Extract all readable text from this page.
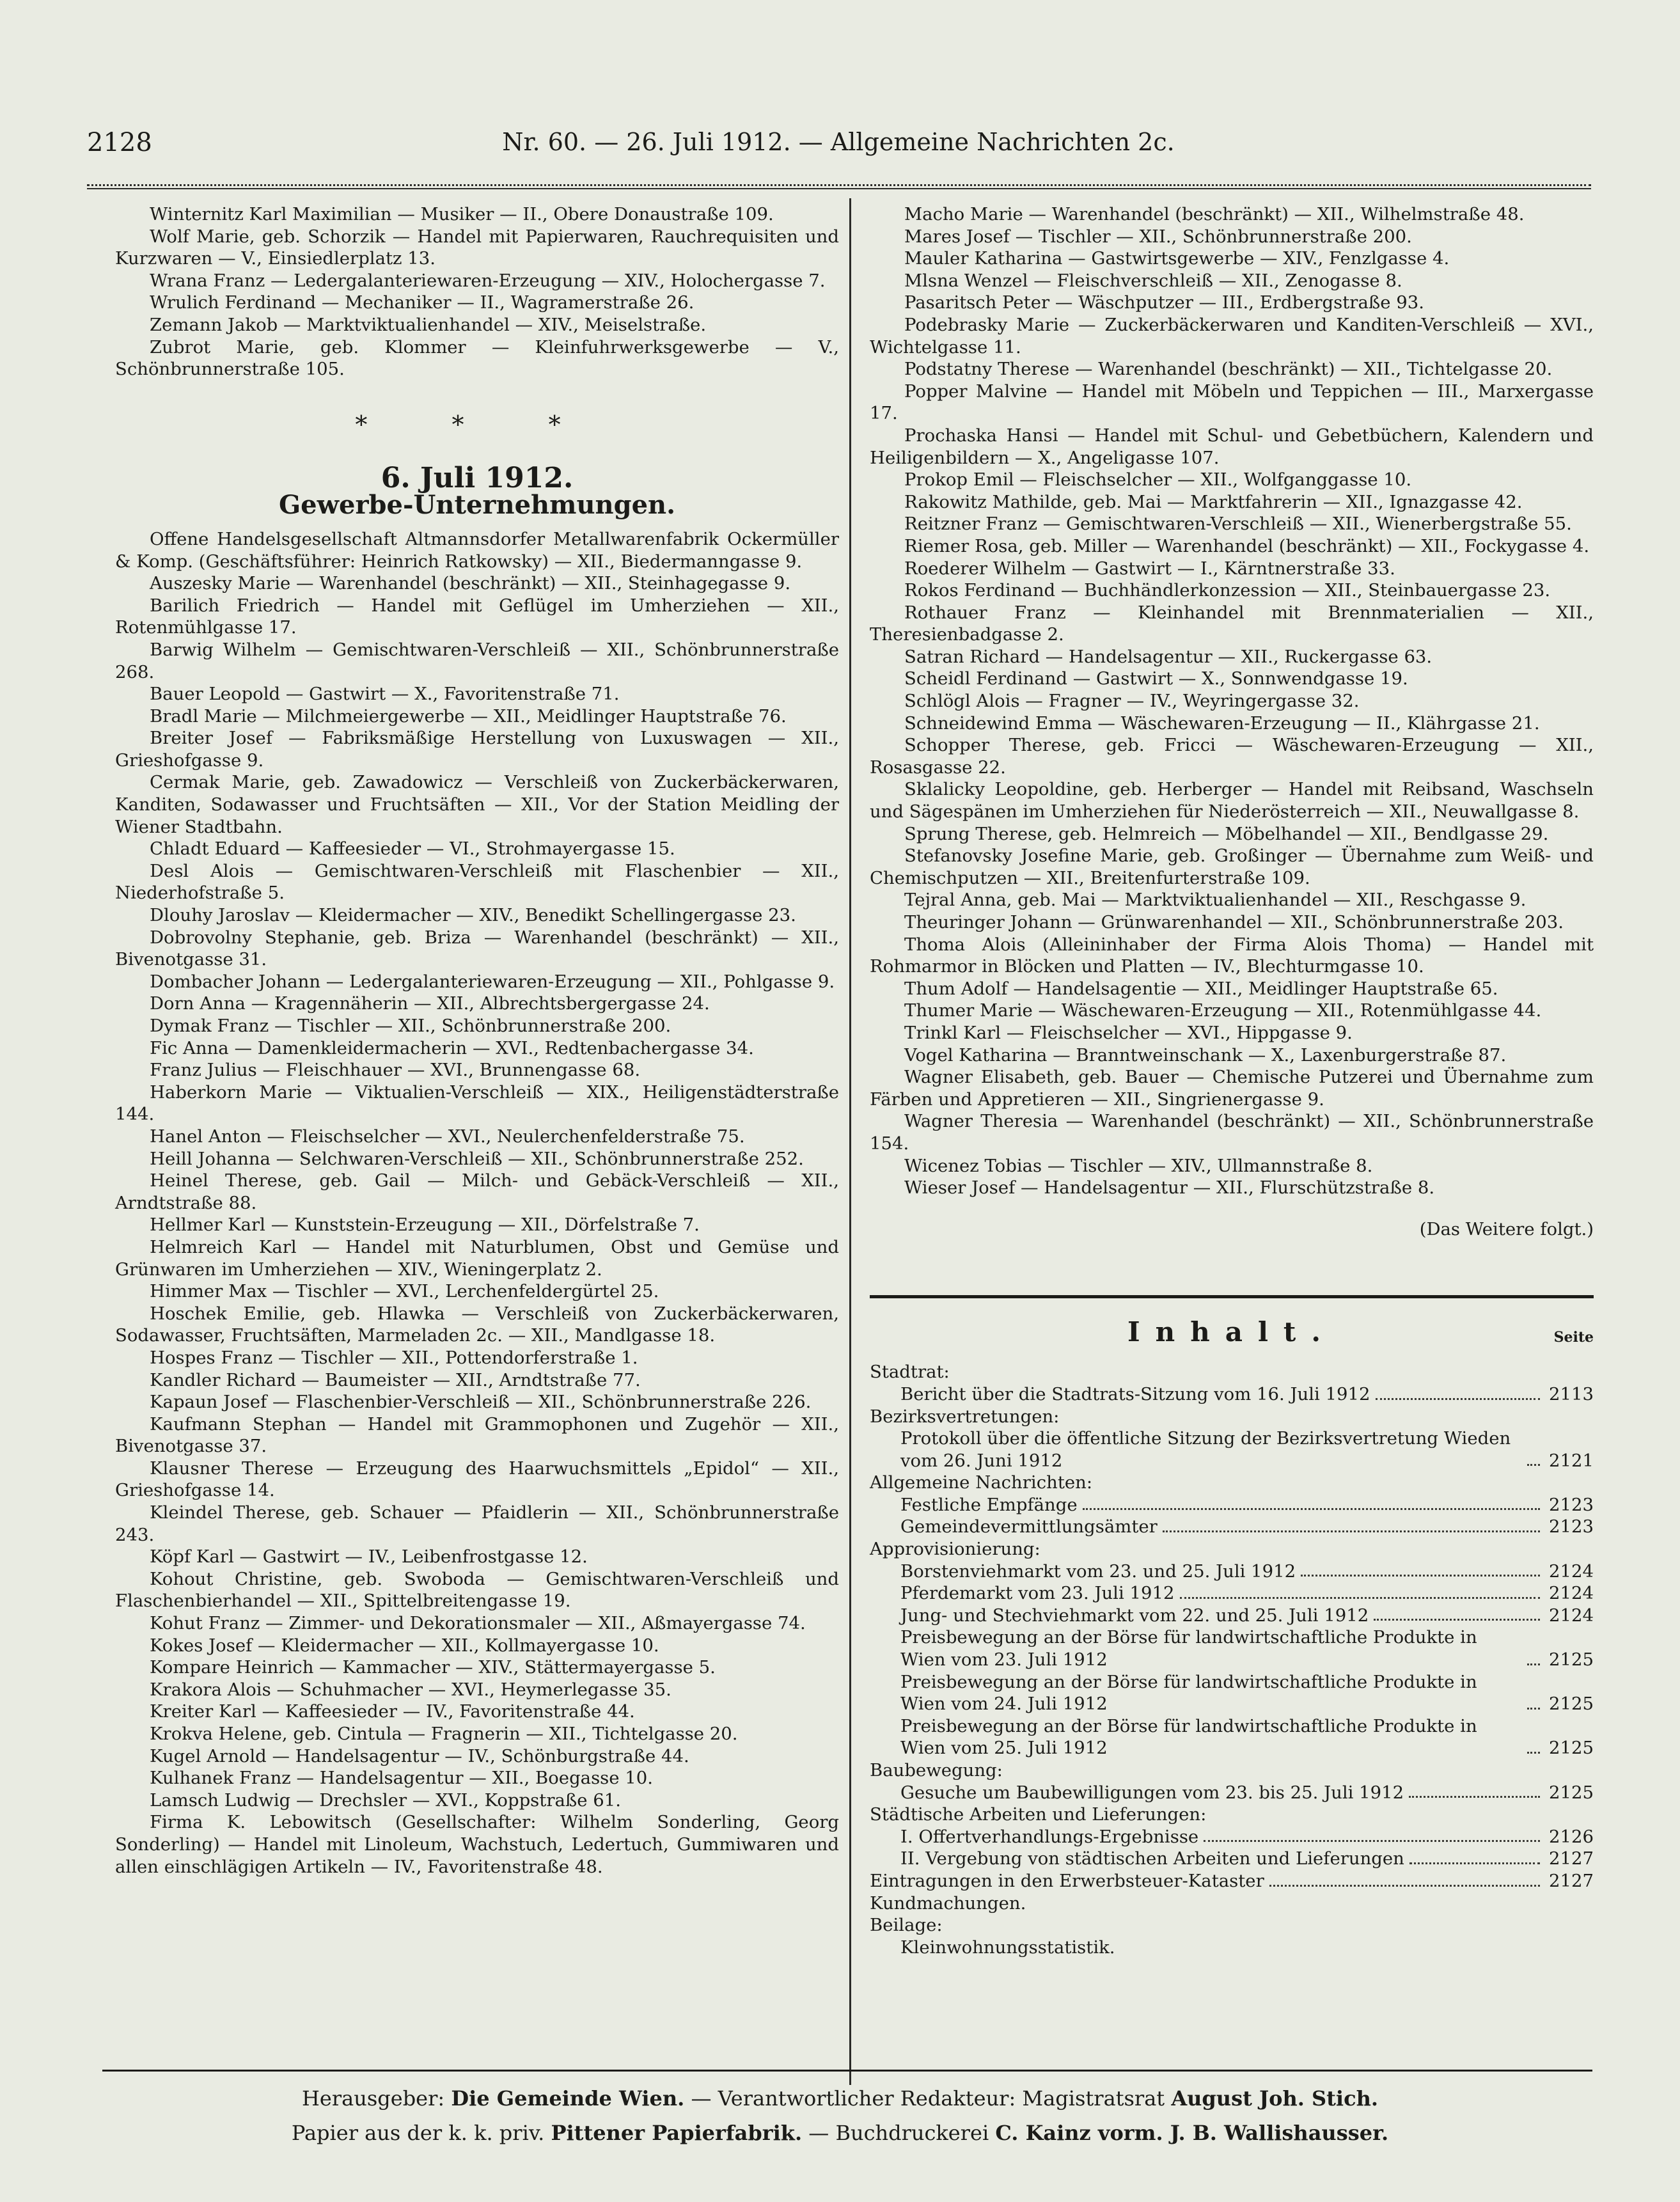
2128	Nr. 60. — 26. Juli 1912. — Allgemeine Nachrichten 2c.

Winternitz Karl Maximilian — Musiker — II., Obere Donaustraße 109.

Wolf Marie, geb. Schorzik — Handel mit Papierwaren, Rauchrequisiten und Kurzwaren — V., Einsiedlerplatz 13.

Wrana Franz — Ledergalanteriewaren-Erzeugung — XIV., Holochergasse 7.

Wrulich Ferdinand — Mechaniker — II., Wagramerstraße 26.

Zemann Jakob — Marktviktualienhandel — XIV., Meiselstraße.

Zubrot Marie, geb. Klommer — Kleinfuhrwerksgewerbe — V., Schönbrunnerstraße 105.

* * *
6. Juli 1912.
Gewerbe-Unternehmungen.

Offene Handelsgesellschaft Altmannsdorfer Metallwarenfabrik Ockermüller & Komp. (Geschäftsführer: Heinrich Ratkowsky) — XII., Biedermanngasse 9.

Auszesky Marie — Warenhandel (beschränkt) — XII., Steinhagegasse 9.

Barilich Friedrich — Handel mit Geflügel im Umherziehen — XII., Rotenmühlgasse 17.

Barwig Wilhelm — Gemischtwaren-Verschleiß — XII., Schönbrunnerstraße 268.

Bauer Leopold — Gastwirt — X., Favoritenstraße 71.

Bradl Marie — Milchmeiergewerbe — XII., Meidlinger Hauptstraße 76.

Breiter Josef — Fabriksmäßige Herstellung von Luxuswagen — XII., Grieshofgasse 9.

Cermak Marie, geb. Zawadowicz — Verschleiß von Zuckerbäckerwaren, Kanditen, Sodawasser und Fruchtsäften — XII., Vor der Station Meidling der Wiener Stadtbahn.

Chladt Eduard — Kaffeesieder — VI., Strohmayergasse 15.

Desl Alois — Gemischtwaren-Verschleiß mit Flaschenbier — XII., Niederhofstraße 5.

Dlouhy Jaroslav — Kleidermacher — XIV., Benedikt Schellingergasse 23.

Dobrovolny Stephanie, geb. Briza — Warenhandel (beschränkt) — XII., Bivenotgasse 31.

Dombacher Johann — Ledergalanteriewaren-Erzeugung — XII., Pohlgasse 9.

Dorn Anna — Kragennäherin — XII., Albrechtsbergergasse 24.

Dymak Franz — Tischler — XII., Schönbrunnerstraße 200.

Fic Anna — Damenkleidermacherin — XVI., Redtenbachergasse 34.

Franz Julius — Fleischhauer — XVI., Brunnengasse 68.

Haberkorn Marie — Viktualien-Verschleiß — XIX., Heiligenstädterstraße 144.

Hanel Anton — Fleischselcher — XVI., Neulerchenfelderstraße 75.

Heill Johanna — Selchwaren-Verschleiß — XII., Schönbrunnerstraße 252.

Heinel Therese, geb. Gail — Milch- und Gebäck-Verschleiß — XII., Arndtstraße 88.

Hellmer Karl — Kunststein-Erzeugung — XII., Dörfelstraße 7.

Helmreich Karl — Handel mit Naturblumen, Obst und Gemüse und Grünwaren im Umherziehen — XIV., Wieningerplatz 2.

Himmer Max — Tischler — XVI., Lerchenfeldergürtel 25.

Hoschek Emilie, geb. Hlawka — Verschleiß von Zuckerbäckerwaren, Sodawasser, Fruchtsäften, Marmeladen 2c. — XII., Mandlgasse 18.

Hospes Franz — Tischler — XII., Pottendorferstraße 1.

Kandler Richard — Baumeister — XII., Arndtstraße 77.

Kapaun Josef — Flaschenbier-Verschleiß — XII., Schönbrunnerstraße 226.

Kaufmann Stephan — Handel mit Grammophonen und Zugehör — XII., Bivenotgasse 37.

Klausner Therese — Erzeugung des Haarwuchsmittels „Epidol“ — XII., Grieshofgasse 14.

Kleindel Therese, geb. Schauer — Pfaidlerin — XII., Schönbrunnerstraße 243.

Köpf Karl — Gastwirt — IV., Leibenfrostgasse 12.

Kohout Christine, geb. Swoboda — Gemischtwaren-Verschleiß und Flaschenbierhandel — XII., Spittelbreitengasse 19.

Kohut Franz — Zimmer- und Dekorationsmaler — XII., Aßmayergasse 74.

Kokes Josef — Kleidermacher — XII., Kollmayergasse 10.

Kompare Heinrich — Kammacher — XIV., Stättermayergasse 5.

Krakora Alois — Schuhmacher — XVI., Heymerlegasse 35.

Kreiter Karl — Kaffeesieder — IV., Favoritenstraße 44.

Krokva Helene, geb. Cintula — Fragnerin — XII., Tichtelgasse 20.

Kugel Arnold — Handelsagentur — IV., Schönburgstraße 44.

Kulhanek Franz — Handelsagentur — XII., Boegasse 10.

Lamsch Ludwig — Drechsler — XVI., Koppstraße 61.

Firma K. Lebowitsch (Gesellschafter: Wilhelm Sonderling, Georg Sonderling) — Handel mit Linoleum, Wachstuch, Ledertuch, Gummiwaren und allen einschlägigen Artikeln — IV., Favoritenstraße 48.

Macho Marie — Warenhandel (beschränkt) — XII., Wilhelmstraße 48.

Mares Josef — Tischler — XII., Schönbrunnerstraße 200.

Mauler Katharina — Gastwirtsgewerbe — XIV., Fenzlgasse 4.

Mlsna Wenzel — Fleischverschleiß — XII., Zenogasse 8.

Pasaritsch Peter — Wäschputzer — III., Erdbergstraße 93.

Podebrasky Marie — Zuckerbäckerwaren und Kanditen-Verschleiß — XVI., Wichtelgasse 11.

Podstatny Therese — Warenhandel (beschränkt) — XII., Tichtelgasse 20.

Popper Malvine — Handel mit Möbeln und Teppichen — III., Marxergasse 17.

Prochaska Hansi — Handel mit Schul- und Gebetbüchern, Kalendern und Heiligenbildern — X., Angeligasse 107.

Prokop Emil — Fleischselcher — XII., Wolfganggasse 10.

Rakowitz Mathilde, geb. Mai — Marktfahrerin — XII., Ignazgasse 42.

Reitzner Franz — Gemischtwaren-Verschleiß — XII., Wienerbergstraße 55.

Riemer Rosa, geb. Miller — Warenhandel (beschränkt) — XII., Fockygasse 4.

Roederer Wilhelm — Gastwirt — I., Kärntnerstraße 33.

Rokos Ferdinand — Buchhändlerkonzession — XII., Steinbauergasse 23.

Rothauer Franz — Kleinhandel mit Brennmaterialien — XII., Theresienbadgasse 2.

Satran Richard — Handelsagentur — XII., Ruckergasse 63.

Scheidl Ferdinand — Gastwirt — X., Sonnwendgasse 19.

Schlögl Alois — Fragner — IV., Weyringergasse 32.

Schneidewind Emma — Wäschewaren-Erzeugung — II., Klährgasse 21.

Schopper Therese, geb. Fricci — Wäschewaren-Erzeugung — XII., Rosasgasse 22.

Sklalicky Leopoldine, geb. Herberger — Handel mit Reibsand, Waschseln und Sägespänen im Umherziehen für Niederösterreich — XII., Neuwallgasse 8.

Sprung Therese, geb. Helmreich — Möbelhandel — XII., Bendlgasse 29.

Stefanovsky Josefine Marie, geb. Großinger — Übernahme zum Weiß- und Chemischputzen — XII., Breitenfurterstraße 109.

Tejral Anna, geb. Mai — Marktviktualienhandel — XII., Reschgasse 9.

Theuringer Johann — Grünwarenhandel — XII., Schönbrunnerstraße 203.

Thoma Alois (Alleininhaber der Firma Alois Thoma) — Handel mit Rohmarmor in Blöcken und Platten — IV., Blechturmgasse 10.

Thum Adolf — Handelsagentie — XII., Meidlinger Hauptstraße 65.

Thumer Marie — Wäschewaren-Erzeugung — XII., Rotenmühlgasse 44.

Trinkl Karl — Fleischselcher — XVI., Hippgasse 9.

Vogel Katharina — Branntweinschank — X., Laxenburgerstraße 87.

Wagner Elisabeth, geb. Bauer — Chemische Putzerei und Übernahme zum Färben und Appretieren — XII., Singrienergasse 9.

Wagner Theresia — Warenhandel (beschränkt) — XII., Schönbrunnerstraße 154.

Wicenez Tobias — Tischler — XIV., Ullmannstraße 8.

Wieser Josef — Handelsagentur — XII., Flurschützstraße 8.

(Das Weitere folgt.)
Inhalt.	Seite
Stadtrat:
Bericht über die Stadtrats-Sitzung vom 16. Juli 1912	2113
Bezirksvertretungen:
Protokoll über die öffentliche Sitzung der Bezirksvertretung Wieden vom 26. Juni 1912	2121
Allgemeine Nachrichten:
Festliche Empfänge	2123
Gemeindevermittlungsämter	2123
Approvisionierung:
Borstenviehmarkt vom 23. und 25. Juli 1912	2124
Pferdemarkt vom 23. Juli 1912	2124
Jung- und Stechviehmarkt vom 22. und 25. Juli 1912	2124
Preisbewegung an der Börse für landwirtschaftliche Produkte in Wien vom 23. Juli 1912	2125
Preisbewegung an der Börse für landwirtschaftliche Produkte in Wien vom 24. Juli 1912	2125
Preisbewegung an der Börse für landwirtschaftliche Produkte in Wien vom 25. Juli 1912	2125
Baubewegung:
Gesuche um Baubewilligungen vom 23. bis 25. Juli 1912	2125
Städtische Arbeiten und Lieferungen:
I. Offertverhandlungs-Ergebnisse	2126
II. Vergebung von städtischen Arbeiten und Lieferungen	2127
Eintragungen in den Erwerbsteuer-Kataster	2127
Kundmachungen.
Beilage:
Kleinwohnungsstatistik.
Herausgeber: Die Gemeinde Wien. — Verantwortlicher Redakteur: Magistratsrat August Joh. Stich.
Papier aus der k. k. priv. Pittener Papierfabrik. — Buchdruckerei C. Kainz vorm. J. B. Wallishausser.
